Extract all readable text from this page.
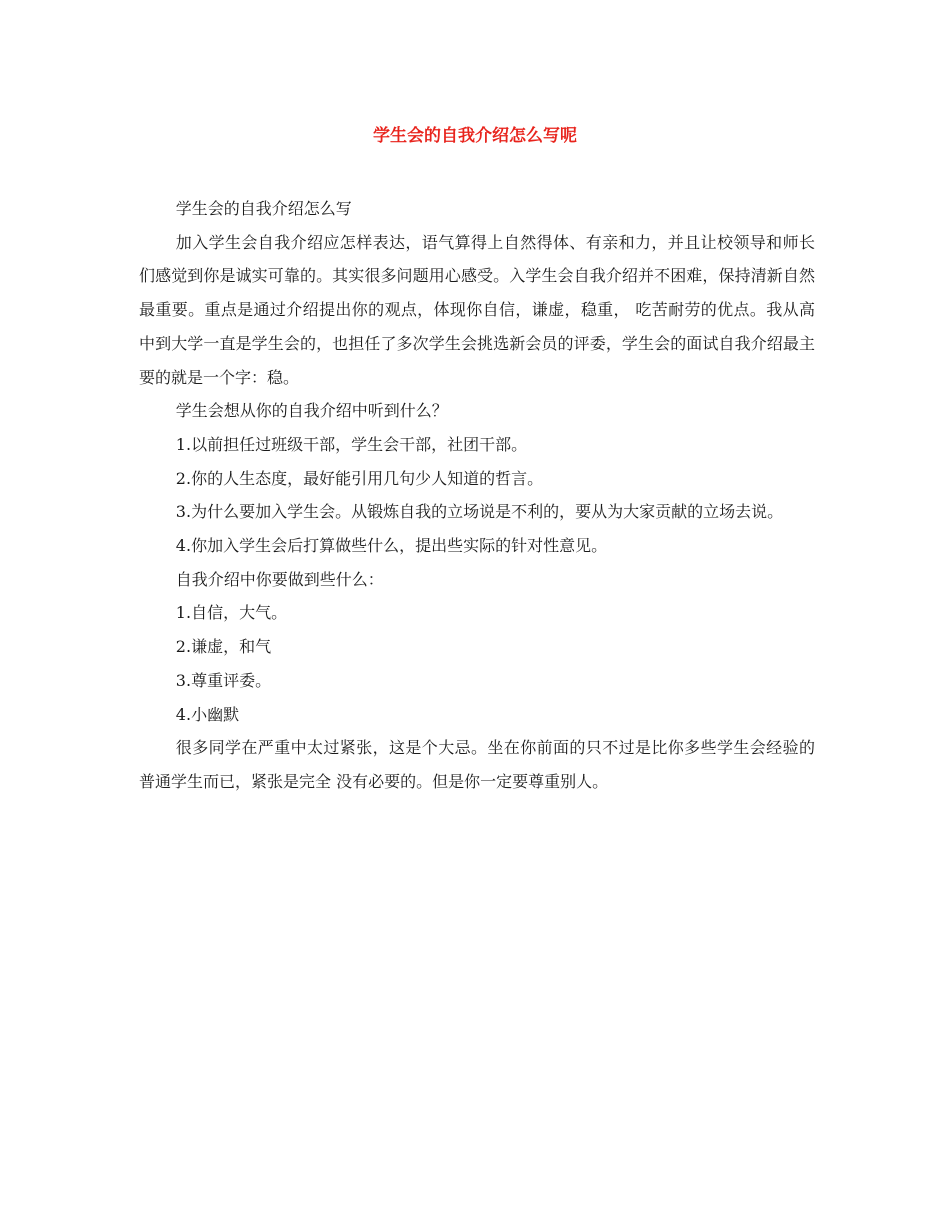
学生会的自我介绍怎么写呢

学生会的自我介绍怎么写

加入学生会自我介绍应怎样表达，语气算得上自然得体、有亲和力，并且让校领导和师长们感觉到你是诚实可靠的。其实很多问题用心感受。入学生会自我介绍并不困难，保持清新自然最重要。重点是通过介绍提出你的观点，体现你自信，谦虚，稳重， 吃苦耐劳的优点。我从高中到大学一直是学生会的，也担任了多次学生会挑选新会员的评委，学生会的面试自我介绍最主要的就是一个字：稳。

学生会想从你的自我介绍中听到什么？

1.以前担任过班级干部，学生会干部，社团干部。

2.你的人生态度，最好能引用几句少人知道的哲言。

3.为什么要加入学生会。从锻炼自我的立场说是不利的，要从为大家贡献的立场去说。

4.你加入学生会后打算做些什么，提出些实际的针对性意见。

自我介绍中你要做到些什么：

1.自信，大气。

2.谦虚，和气

3.尊重评委。

4.小幽默

很多同学在严重中太过紧张，这是个大忌。坐在你前面的只不过是比你多些学生会经验的普通学生而已，紧张是完全 没有必要的。但是你一定要尊重别人。
